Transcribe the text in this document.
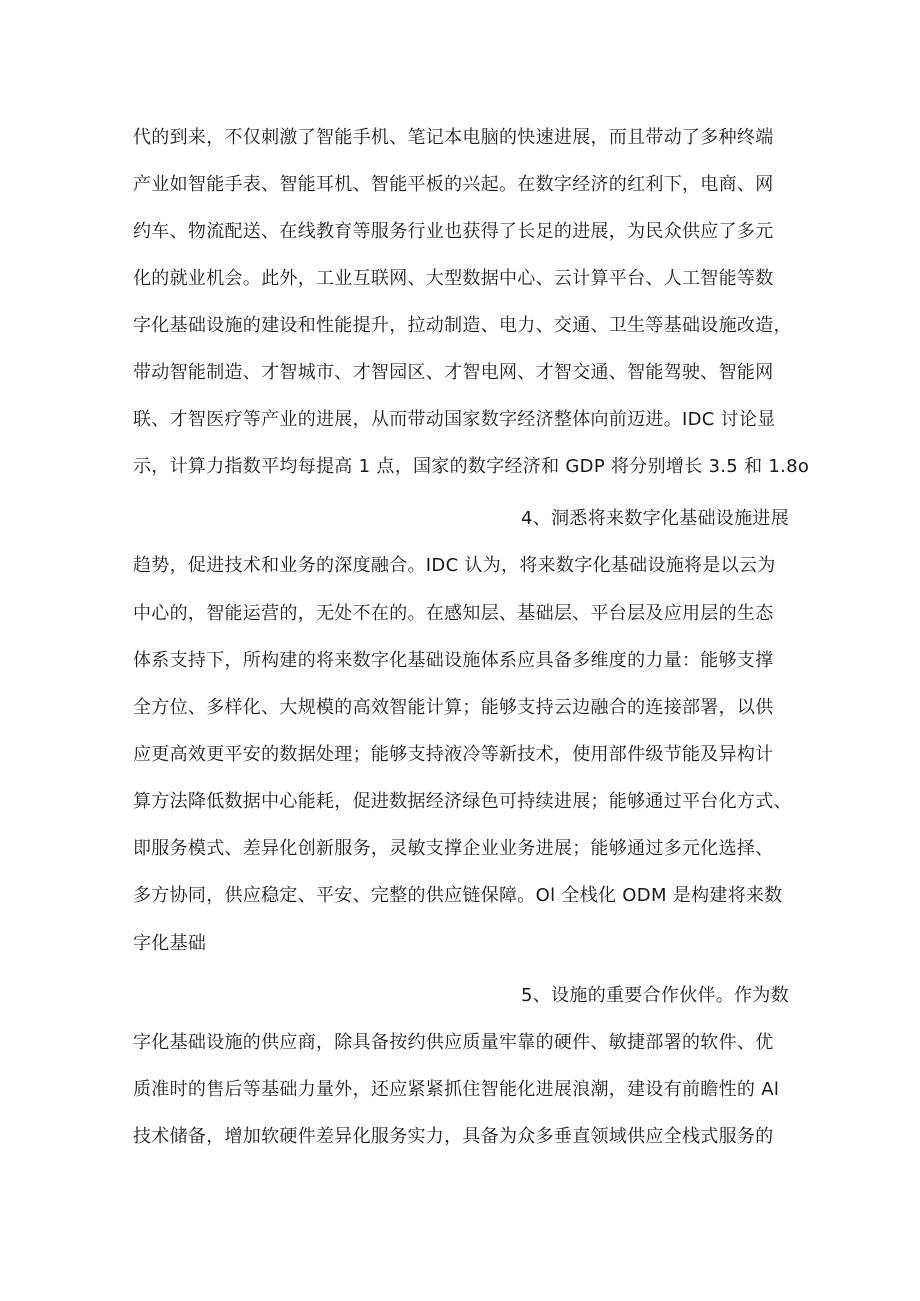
代的到来，不仅刺激了智能手机、笔记本电脑的快速进展，而且带动了多种终端
产业如智能手表、智能耳机、智能平板的兴起。在数字经济的红利下，电商、网
约车、物流配送、在线教育等服务行业也获得了长足的进展，为民众供应了多元
化的就业机会。此外，工业互联网、大型数据中心、云计算平台、人工智能等数
字化基础设施的建设和性能提升，拉动制造、电力、交通、卫生等基础设施改造，
带动智能制造、才智城市、才智园区、才智电网、才智交通、智能驾驶、智能网
联、才智医疗等产业的进展，从而带动国家数字经济整体向前迈进。IDC 讨论显
示，计算力指数平均每提高 1 点，国家的数字经济和 GDP 将分别增长 3.5 和 1.8o
4、洞悉将来数字化基础设施进展
趋势，促进技术和业务的深度融合。IDC 认为，将来数字化基础设施将是以云为
中心的，智能运营的，无处不在的。在感知层、基础层、平台层及应用层的生态
体系支持下，所构建的将来数字化基础设施体系应具备多维度的力量：能够支撑
全方位、多样化、大规模的高效智能计算；能够支持云边融合的连接部署，以供
应更高效更平安的数据处理；能够支持液冷等新技术，使用部件级节能及异构计
算方法降低数据中心能耗，促进数据经济绿色可持续进展；能够通过平台化方式、
即服务模式、差异化创新服务，灵敏支撑企业业务进展；能够通过多元化选择、
多方协同，供应稳定、平安、完整的供应链保障。Ol 全栈化 ODM 是构建将来数
字化基础
5、设施的重要合作伙伴。作为数
字化基础设施的供应商，除具备按约供应质量牢靠的硬件、敏捷部署的软件、优
质准时的售后等基础力量外，还应紧紧抓住智能化进展浪潮，建设有前瞻性的 Al
技术储备，增加软硬件差异化服务实力，具备为众多垂直领域供应全栈式服务的
